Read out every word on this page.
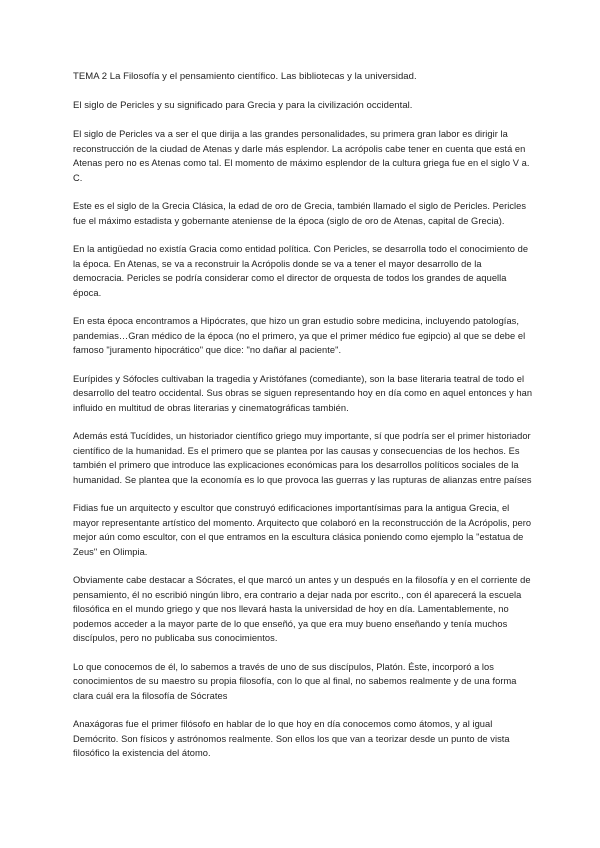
TEMA 2 La Filosofía y el pensamiento científico. Las bibliotecas y la universidad.

El siglo de Pericles y su significado para Grecia y para la civilización occidental.

El siglo de Pericles va a ser el que dirija a las grandes personalidades, su primera gran labor es dirigir la reconstrucción de la ciudad de Atenas y darle más esplendor. La acrópolis cabe tener en cuenta que está en Atenas pero no es Atenas como tal. El momento de máximo esplendor de la cultura griega fue en el siglo V a. C.

Este es el siglo de la Grecia Clásica, la edad de oro de Grecia, también llamado el siglo de Pericles. Pericles fue el máximo estadista y gobernante ateniense de la época (siglo de oro de Atenas, capital de Grecia).

En la antigüedad no existía Gracia como entidad política. Con Pericles, se desarrolla todo el conocimiento de la época. En Atenas, se va a reconstruir la Acrópolis donde se va a tener el mayor desarrollo de la democracia. Pericles se podría considerar como el director de orquesta de todos los grandes de aquella época.

En esta época encontramos a Hipócrates, que hizo un gran estudio sobre medicina, incluyendo patologías, pandemias…Gran médico de la época (no el primero, ya que el primer médico fue egipcio) al que se debe el famoso "juramento hipocrático" que dice: "no dañar al paciente".

Eurípides y Sófocles cultivaban la tragedia y Aristófanes (comediante), son la base literaria teatral de todo el desarrollo del teatro occidental. Sus obras se siguen representando hoy en día como en aquel entonces y han influido en multitud de obras literarias y cinematográficas también.

Además está Tucídides, un historiador científico griego muy importante, sí que podría ser el primer historiador científico de la humanidad. Es el primero que se plantea por las causas y consecuencias de los hechos. Es también el primero que introduce las explicaciones económicas para los desarrollos políticos sociales de la humanidad. Se plantea que la economía es lo que provoca las guerras y las rupturas de alianzas entre países

Fidias fue un arquitecto y escultor que construyó edificaciones importantísimas para la antigua Grecia, el mayor representante artístico del momento. Arquitecto que colaboró en la reconstrucción de la Acrópolis, pero mejor aún como escultor, con el que entramos en la escultura clásica poniendo como ejemplo la "estatua de Zeus" en Olimpia.

Obviamente cabe destacar a Sócrates, el que marcó un antes y un después en la filosofía y en el corriente de pensamiento, él no escribió ningún libro, era contrario a dejar nada por escrito., con él aparecerá la escuela filosófica en el mundo griego y que nos llevará hasta la universidad de hoy en día. Lamentablemente, no podemos acceder a la mayor parte de lo que enseñó, ya que era muy bueno enseñando y tenía muchos discípulos, pero no publicaba sus conocimientos.

Lo que conocemos de él, lo sabemos a través de uno de sus discípulos, Platón. Éste, incorporó a los conocimientos de su maestro su propia filosofía, con lo que al final, no sabemos realmente y de una forma clara cuál era la filosofía de Sócrates

Anaxágoras fue el primer filósofo en hablar de lo que hoy en día conocemos como átomos, y al igual Demócrito. Son físicos y astrónomos realmente. Son ellos los que van a teorizar desde un punto de vista filosófico la existencia del átomo.
